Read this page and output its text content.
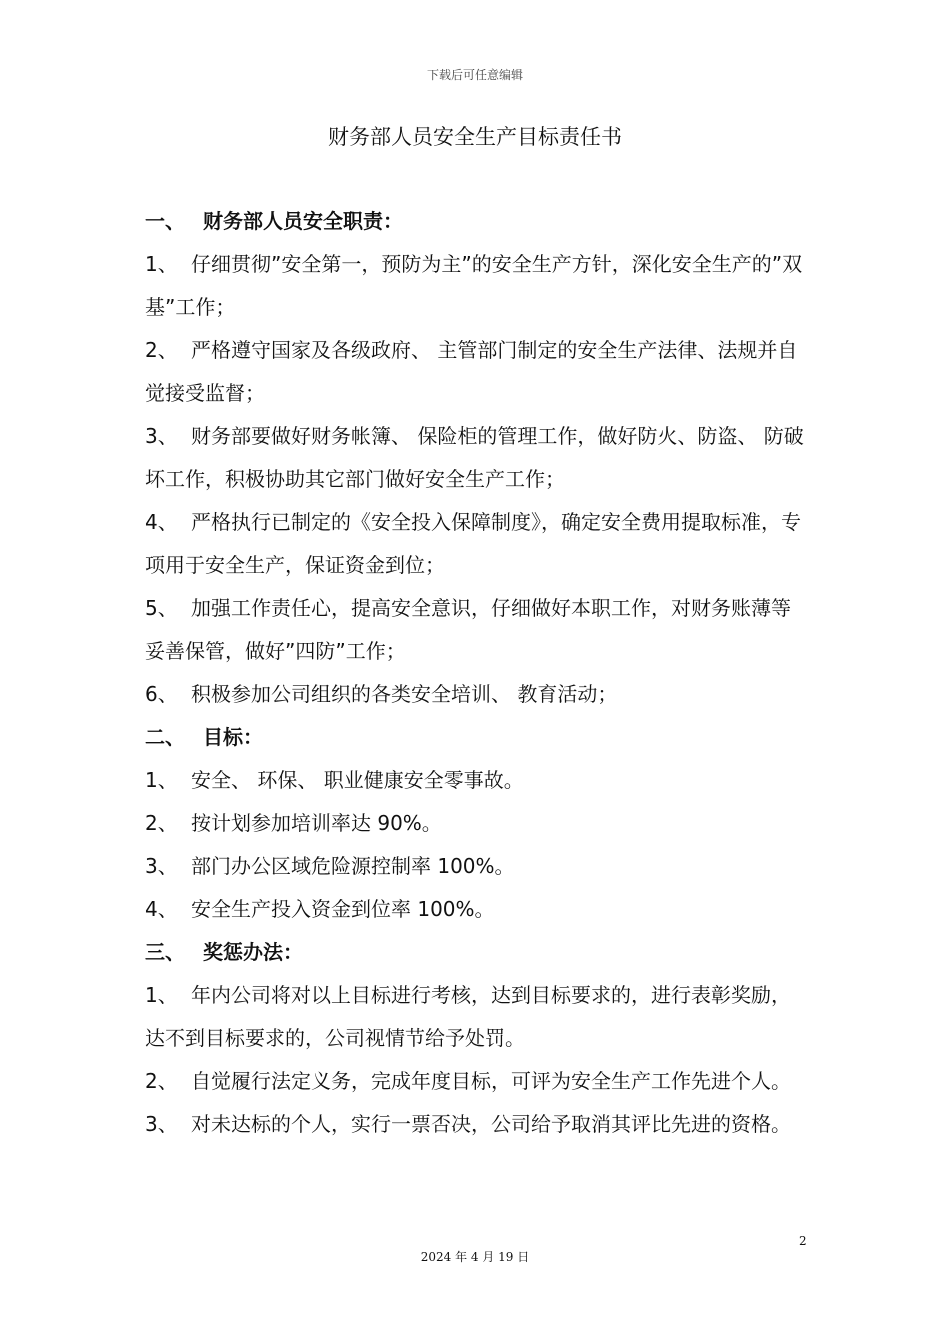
下载后可任意编辑
财务部人员安全生产目标责任书

一、 财务部人员安全职责：

1、 仔细贯彻”安全第一，预防为主”的安全生产方针，深化安全生产的”双基”工作；

2、 严格遵守国家及各级政府、 主管部门制定的安全生产法律、法规并自觉接受监督；

3、 财务部要做好财务帐簿、 保险柜的管理工作，做好防火、防盗、 防破坏工作，积极协助其它部门做好安全生产工作；

4、 严格执行已制定的《安全投入保障制度》，确定安全费用提取标准，专项用于安全生产，保证资金到位；

5、 加强工作责任心，提高安全意识，仔细做好本职工作，对财务账薄等妥善保管，做好”四防”工作；

6、 积极参加公司组织的各类安全培训、 教育活动；

二、 目标：

1、 安全、 环保、 职业健康安全零事故。

2、 按计划参加培训率达 90%。

3、 部门办公区域危险源控制率 100%。

4、 安全生产投入资金到位率 100%。

三、 奖惩办法：

1、 年内公司将对以上目标进行考核，达到目标要求的，进行表彰奖励，达不到目标要求的，公司视情节给予处罚。

2、 自觉履行法定义务，完成年度目标，可评为安全生产工作先进个人。

3、 对未达标的个人，实行一票否决，公司给予取消其评比先进的资格。

2
2024 年 4 月 19 日
